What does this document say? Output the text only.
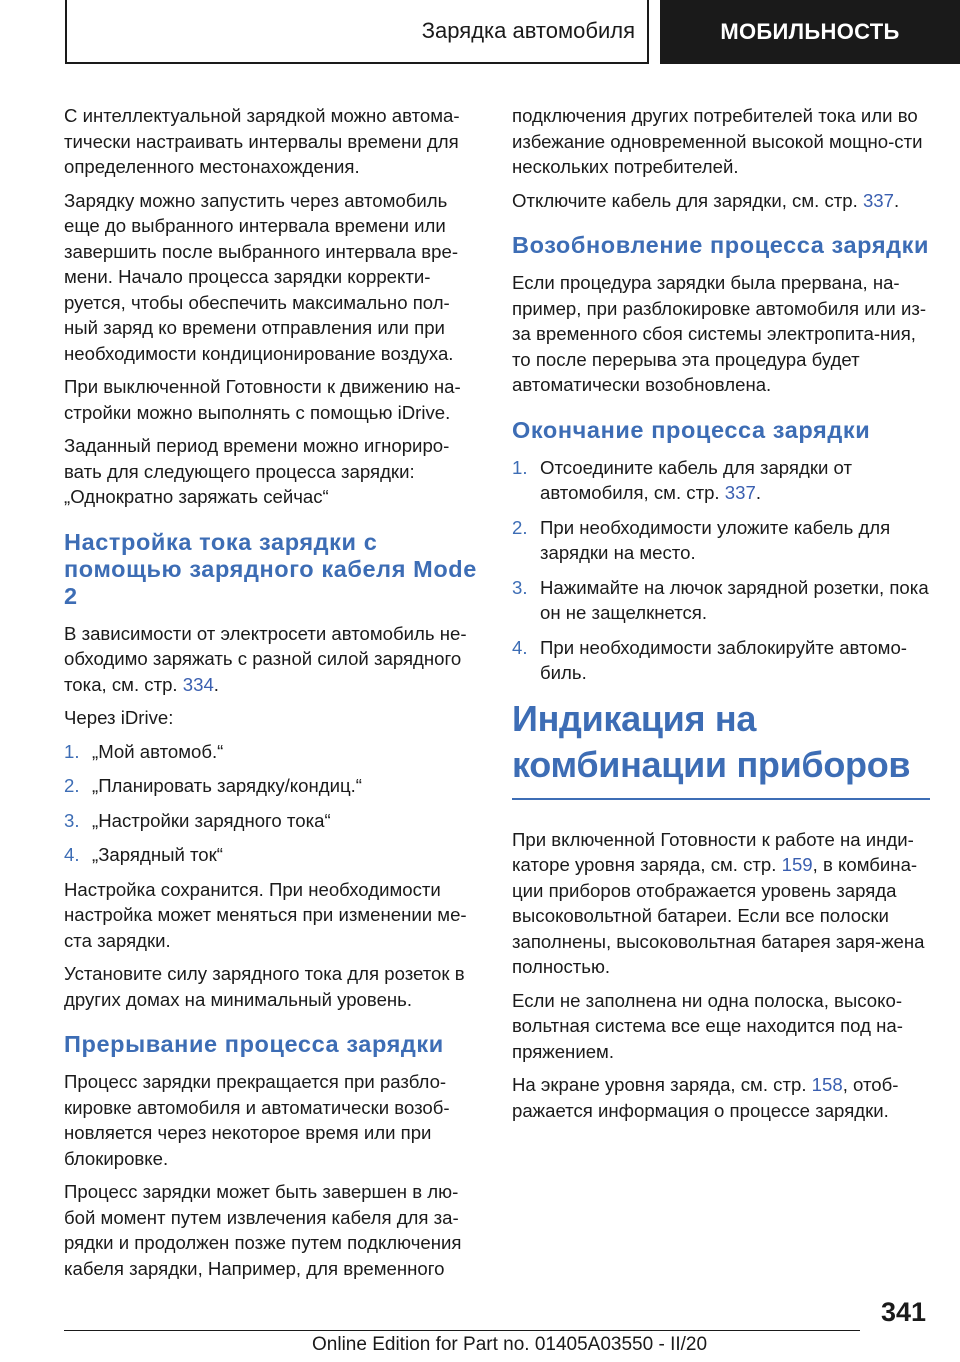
Зарядка автомобиля	МОБИЛЬНОСТЬ

С интеллектуальной зарядкой можно автома-тически настраивать интервалы времени для определенного местонахождения.

Зарядку можно запустить через автомобиль еще до выбранного интервала времени или завершить после выбранного интервала вре-мени. Начало процесса зарядки корректи-руется, чтобы обеспечить максимально пол-ный заряд ко времени отправления или при необходимости кондиционирование воздуха.

При выключенной Готовности к движению на-стройки можно выполнять с помощью iDrive.

Заданный период времени можно игнориро-вать для следующего процесса зарядки: „Однократно заряжать сейчас“

Настройка тока зарядки с помощью зарядного кабеля Mode 2

В зависимости от электросети автомобиль не-обходимо заряжать с разной силой зарядного тока, см. стр. 334.

Через iDrive:

1. „Мой автомоб.“
2. „Планировать зарядку/кондиц.“
3. „Настройки зарядного тока“
4. „Зарядный ток“

Настройка сохранится. При необходимости настройка может меняться при изменении ме-ста зарядки.

Установите силу зарядного тока для розеток в других домах на минимальный уровень.

Прерывание процесса зарядки

Процесс зарядки прекращается при разбло-кировке автомобиля и автоматически возоб-новляется через некоторое время или при блокировке.

Процесс зарядки может быть завершен в лю-бой момент путем извлечения кабеля для за-рядки и продолжен позже путем подключения кабеля зарядки, Например, для временного

подключения других потребителей тока или во избежание одновременной высокой мощно-сти нескольких потребителей.

Отключите кабель для зарядки, см. стр. 337.

Возобновление процесса зарядки

Если процедура зарядки была прервана, на-пример, при разблокировке автомобиля или из-за временного сбоя системы электропита-ния, то после перерыва эта процедура будет автоматически возобновлена.

Окончание процесса зарядки
1. Отсоедините кабель для зарядки от автомобиля, см. стр. 337.
2. При необходимости уложите кабель для зарядки на место.
3. Нажимайте на лючок зарядной розетки, пока он не защелкнется.
4. При необходимости заблокируйте автомо-биль.
Индикация на комбинации приборов

При включенной Готовности к работе на инди-каторе уровня заряда, см. стр. 159, в комбина-ции приборов отображается уровень заряда высоковольтной батареи. Если все полоски заполнены, высоковольтная батарея заря-жена полностью.

Если не заполнена ни одна полоска, высоко-вольтная система все еще находится под на-пряжением.

На экране уровня заряда, см. стр. 158, отоб-ражается информация о процессе зарядки.

341
Online Edition for Part no. 01405A03550 - II/20
